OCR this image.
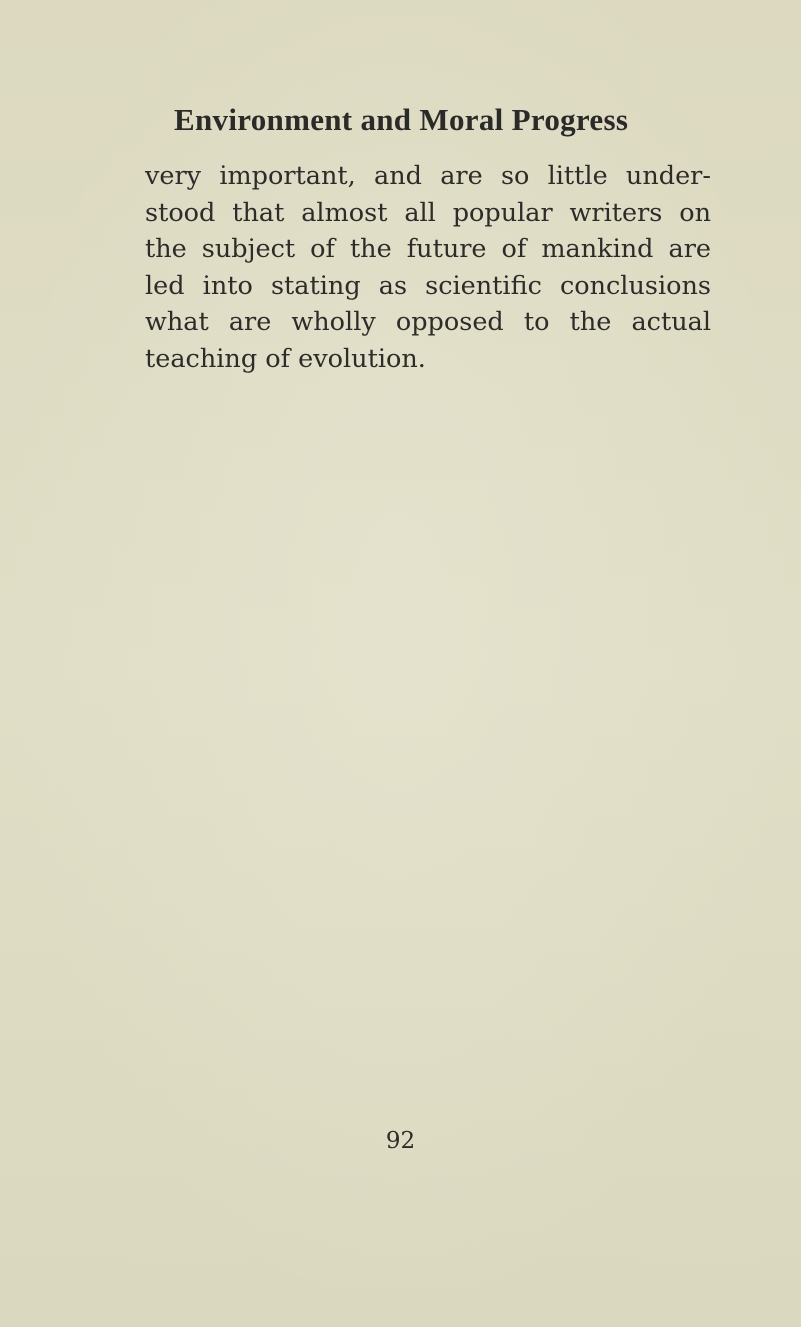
Environment and Moral Progress

very important, and are so little under-
stood that almost all popular writers on
the subject of the future of mankind are
led into stating as scientific conclusions
what are wholly opposed to the actual
teaching of evolution.

92
